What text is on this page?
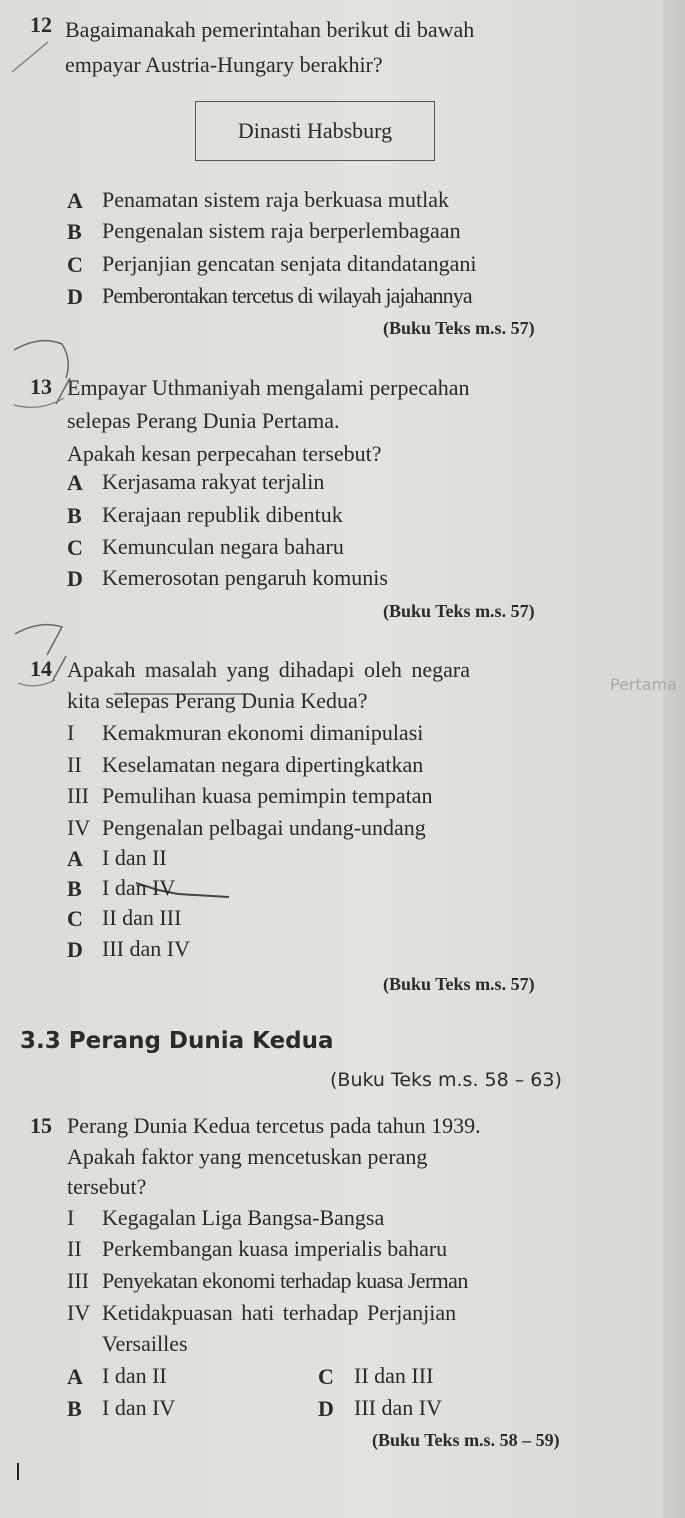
12 Bagaimanakah pemerintahan berikut di bawah
empayar Austria-Hungary berakhir?
Dinasti Habsburg
A Penamatan sistem raja berkuasa mutlak
B Pengenalan sistem raja berperlembagaan
C Perjanjian gencatan senjata ditandatangani
D Pemberontakan tercetus di wilayah jajahannya
(Buku Teks m.s. 57)
13 Empayar Uthmaniyah mengalami perpecahan
selepas Perang Dunia Pertama.
Apakah kesan perpecahan tersebut?
A Kerjasama rakyat terjalin
B Kerajaan republik dibentuk
C Kemunculan negara baharu
D Kemerosotan pengaruh komunis
(Buku Teks m.s. 57)
14 Apakah masalah yang dihadapi oleh negara
kita selepas Perang Dunia Kedua?
Pertama
I Kemakmuran ekonomi dimanipulasi
II Keselamatan negara dipertingkatkan
III Pemulihan kuasa pemimpin tempatan
IV Pengenalan pelbagai undang-undang
A I dan II
B I dan IV
C II dan III
D III dan IV
(Buku Teks m.s. 57)
3.3 Perang Dunia Kedua
(Buku Teks m.s. 58 – 63)
15 Perang Dunia Kedua tercetus pada tahun 1939.
Apakah faktor yang mencetuskan perang
tersebut?
I Kegagalan Liga Bangsa-Bangsa
II Perkembangan kuasa imperialis baharu
III Penyekatan ekonomi terhadap kuasa Jerman
IV Ketidakpuasan hati terhadap Perjanjian
Versailles
A I dan II	C II dan III
B I dan IV	D III dan IV
(Buku Teks m.s. 58 – 59)
